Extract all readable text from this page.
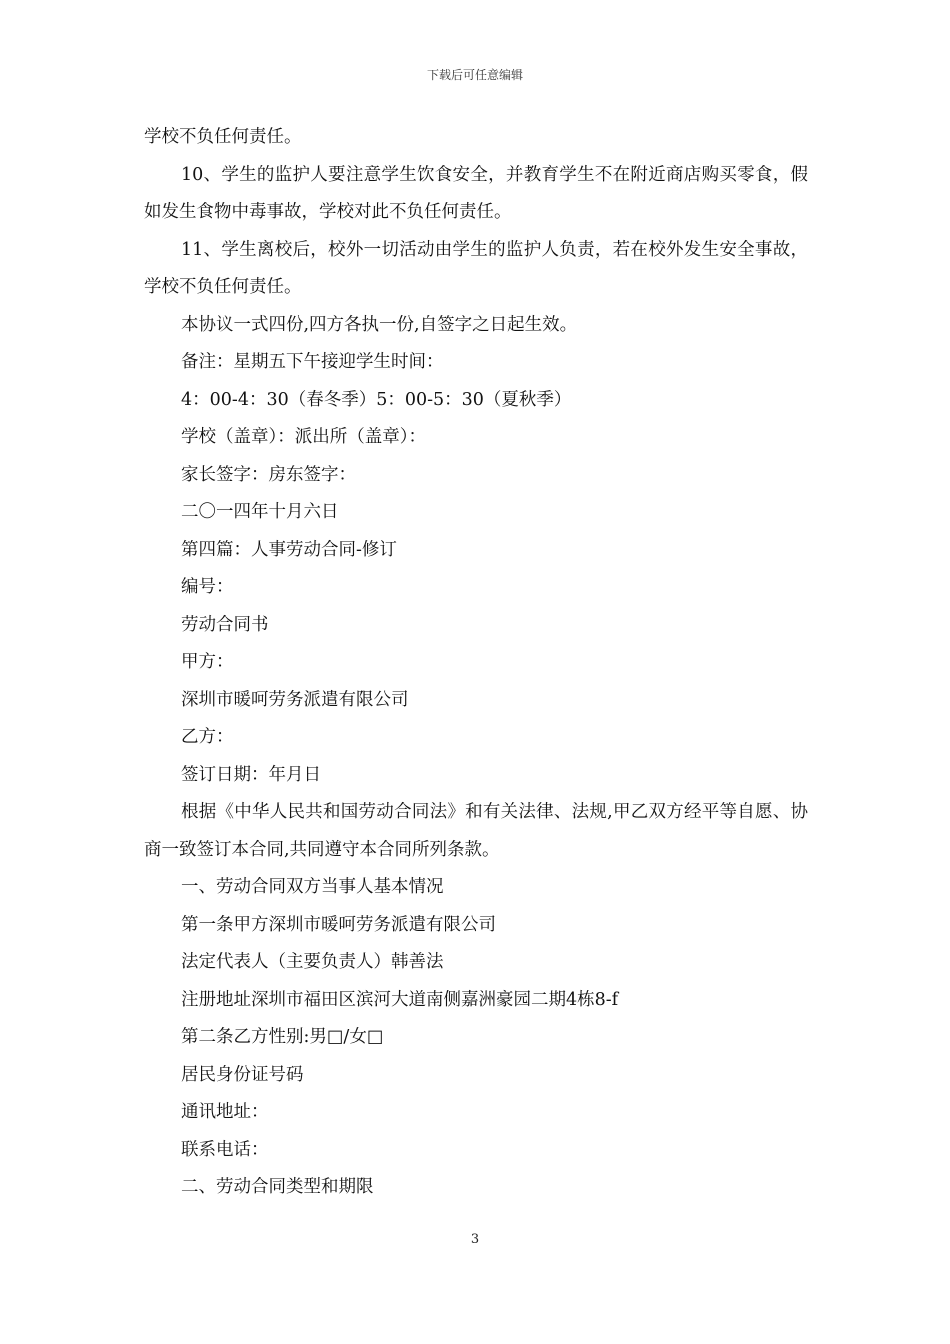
下载后可任意编辑

学校不负任何责任。

10、学生的监护人要注意学生饮食安全，并教育学生不在附近商店购买零食，假如发生食物中毒事故，学校对此不负任何责任。

11、学生离校后，校外一切活动由学生的监护人负责，若在校外发生安全事故，学校不负任何责任。

本协议一式四份,四方各执一份,自签字之日起生效。

备注：星期五下午接迎学生时间：

4：00-4：30（春冬季）5：00-5：30（夏秋季）

学校（盖章）：派出所（盖章）：

家长签字：房东签字：

二〇一四年十月六日

第四篇：人事劳动合同-修订

编号：

劳动合同书

甲方：

深圳市暖呵劳务派遣有限公司

乙方：

签订日期：年月日

根据《中华人民共和国劳动合同法》和有关法律、法规,甲乙双方经平等自愿、协商一致签订本合同,共同遵守本合同所列条款。

一、劳动合同双方当事人基本情况

第一条甲方深圳市暖呵劳务派遣有限公司

法定代表人（主要负责人）韩善法

注册地址深圳市福田区滨河大道南侧嘉洲豪园二期4栋8-f

第二条乙方性别:男□/女□

居民身份证号码

通讯地址：

联系电话：

二、劳动合同类型和期限

3
